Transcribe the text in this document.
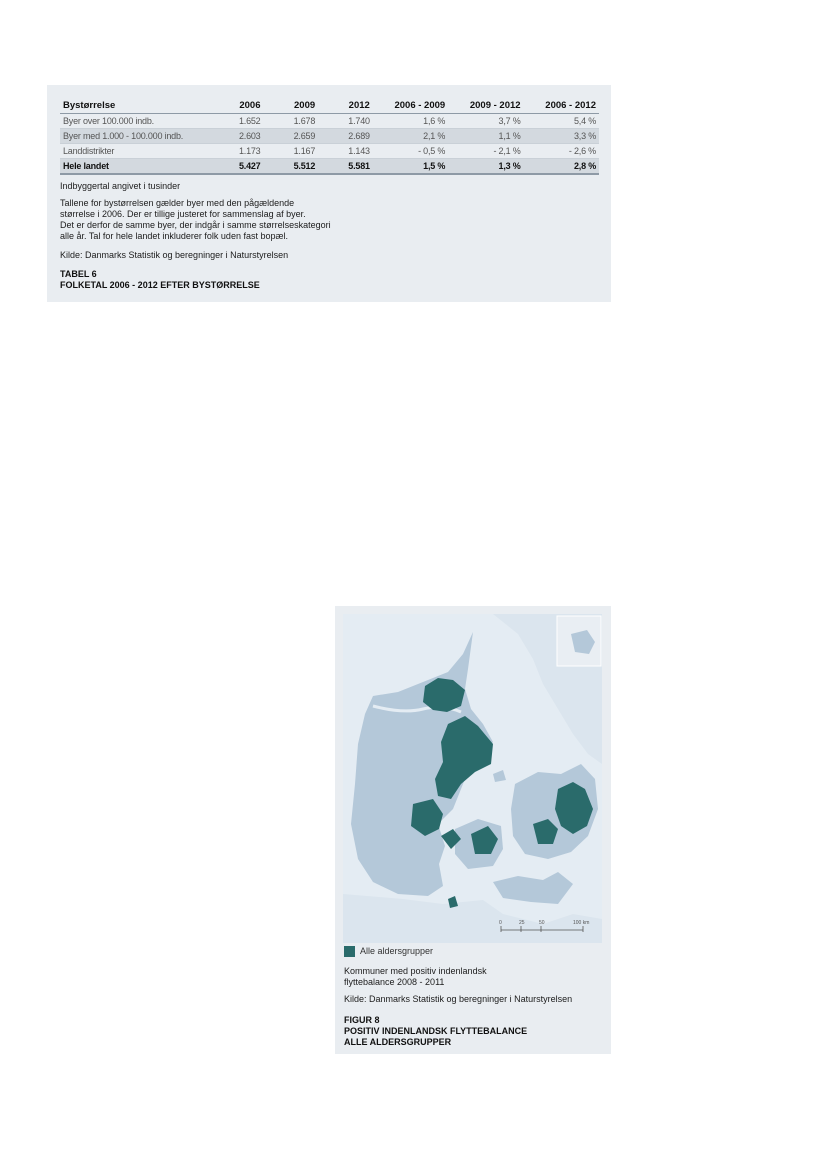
Bystørrelse	2006	2009	2012	2006 - 2009	2009 - 2012	2006 - 2012
Byer over 100.000 indb.	1.652	1.678	1.740	1,6 %	3,7 %	5,4 %
Byer med 1.000 - 100.000 indb.	2.603	2.659	2.689	2,1 %	1,1 %	3,3 %
Landdistrikter	1.173	1.167	1.143	- 0,5 %	- 2,1 %	- 2,6 %
Hele landet	5.427	5.512	5.581	1,5 %	1,3 %	2,8 %
Indbyggertal angivet i tusinder
Tallene for bystørrelsen gælder byer med den pågældende
størrelse i 2006. Der er tillige justeret for sammenslag af byer.
Det er derfor de samme byer, der indgår i samme størrelseskategori
alle år. Tal for hele landet inkluderer folk uden fast bopæl.
Kilde: Danmarks Statistik og beregninger i Naturstyrelsen
TABEL 6
FOLKETAL 2006 - 2012 EFTER BYSTØRRELSE
0	25	50	100 km
Alle aldersgrupper
Kommuner med positiv indenlandsk
flyttebalance 2008 - 2011
Kilde: Danmarks Statistik og beregninger i Naturstyrelsen
FIGUR 8
POSITIV INDENLANDSK FLYTTEBALANCE
ALLE ALDERSGRUPPER
